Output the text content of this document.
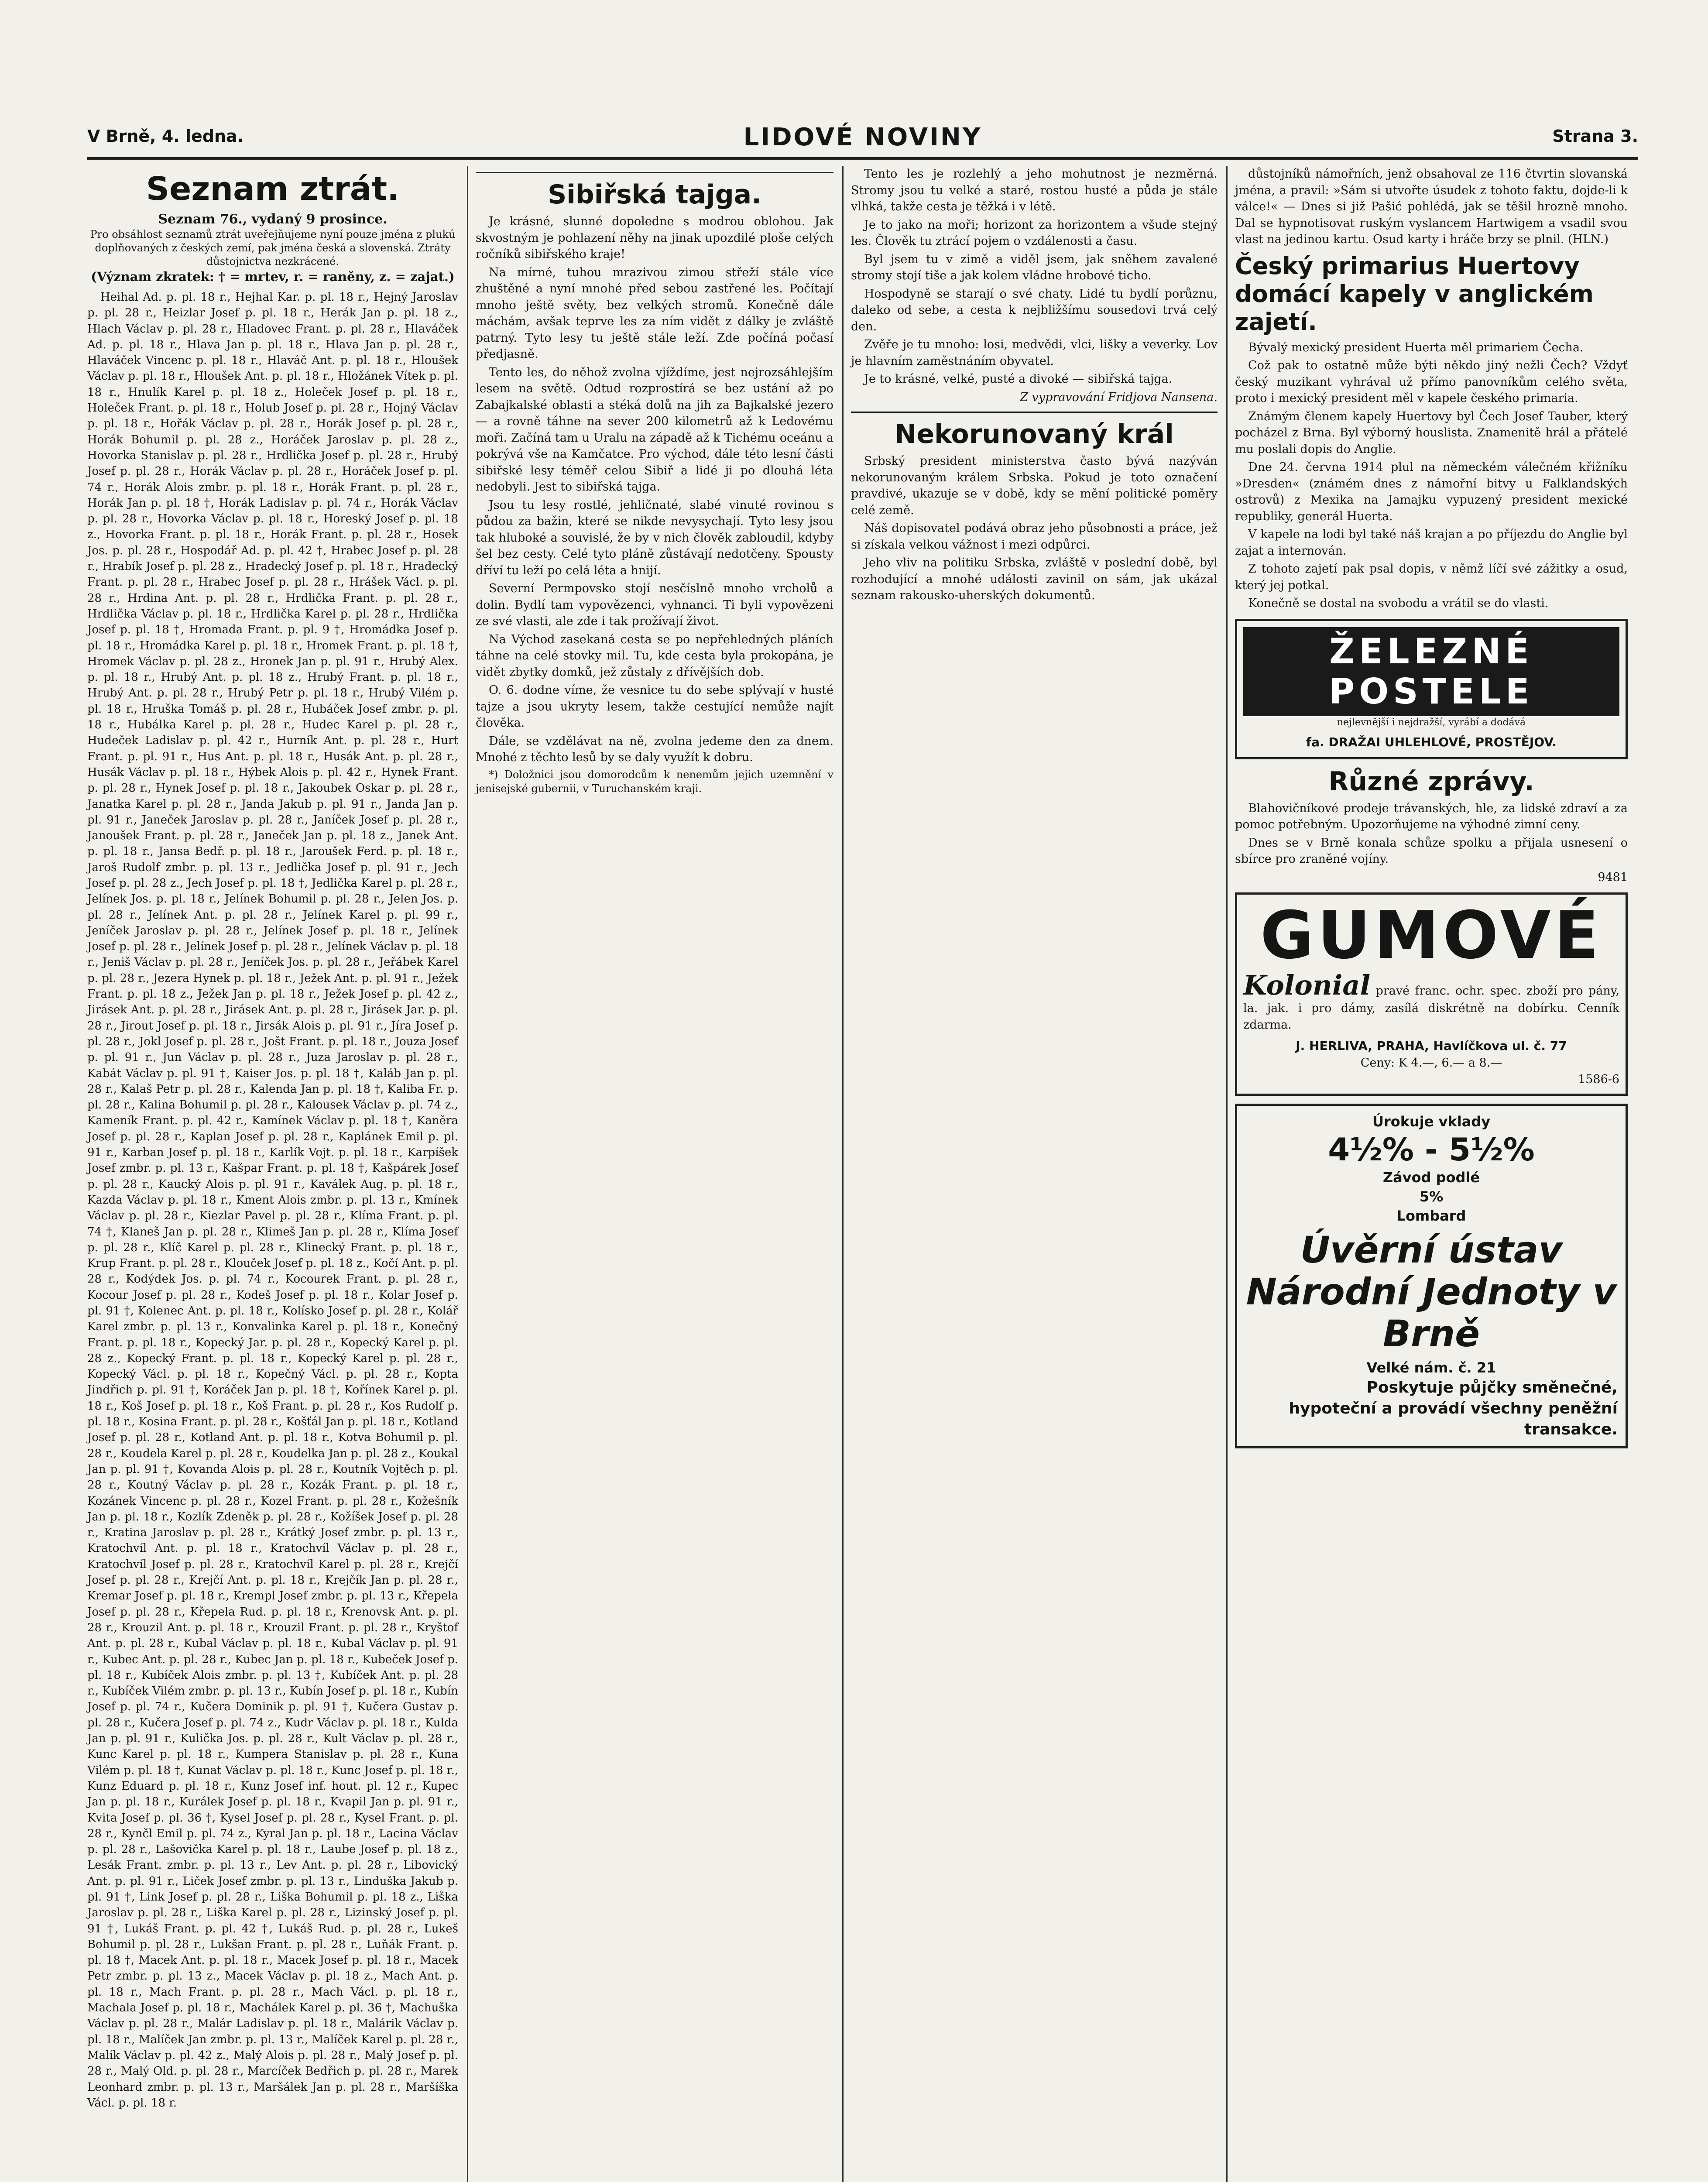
V Brně, 4. ledna.	LIDOVÉ NOVINY	Strana 3.
Seznam ztrát.
Seznam 76., vydaný 9 prosince.
Pro obsáhlost seznamů ztrát uveřejňujeme nyní pouze jména z plukú doplňovaných z českých zemí, pak jména česká a slovenská. Ztráty důstojnictva nezkrácené.
(Význam zkratek: † = mrtev, r. = raněny, z. = zajat.)

Heihal Ad. p. pl. 18 r., Hejhal Kar. p. pl. 18 r., Hejný Jaroslav p. pl. 28 r., Heizlar Josef p. pl. 18 r., Herák Jan p. pl. 18 z., Hlach Václav p. pl. 28 r., Hladovec Frant. p. pl. 28 r., Hlaváček Ad. p. pl. 18 r., Hlava Jan p. pl. 18 r., Hlava Jan p. pl. 28 r., Hlaváček Vincenc p. pl. 18 r., Hlaváč Ant. p. pl. 18 r., Hloušek Václav p. pl. 18 r., Hloušek Ant. p. pl. 18 r., Hložánek Vítek p. pl. 18 r., Hnulík Karel p. pl. 18 z., Holeček Josef p. pl. 18 r., Holeček Frant. p. pl. 18 r., Holub Josef p. pl. 28 r., Hojný Václav p. pl. 18 r., Hořák Václav p. pl. 28 r., Horák Josef p. pl. 28 r., Horák Bohumil p. pl. 28 z., Horáček Jaroslav p. pl. 28 z., Hovorka Stanislav p. pl. 28 r., Hrdlička Josef p. pl. 28 r., Hrubý Josef p. pl. 28 r., Horák Václav p. pl. 28 r., Horáček Josef p. pl. 74 r., Horák Alois zmbr. p. pl. 18 r., Horák Frant. p. pl. 28 r., Horák Jan p. pl. 18 †, Horák Ladislav p. pl. 74 r., Horák Václav p. pl. 28 r., Hovorka Václav p. pl. 18 r., Horeský Josef p. pl. 18 z., Hovorka Frant. p. pl. 18 r., Horák Frant. p. pl. 28 r., Hosek Jos. p. pl. 28 r., Hospodář Ad. p. pl. 42 †, Hrabec Josef p. pl. 28 r., Hrabík Josef p. pl. 28 z., Hradecký Josef p. pl. 18 r., Hradecký Frant. p. pl. 28 r., Hrabec Josef p. pl. 28 r., Hrášek Václ. p. pl. 28 r., Hrdina Ant. p. pl. 28 r., Hrdlička Frant. p. pl. 28 r., Hrdlička Václav p. pl. 18 r., Hrdlička Karel p. pl. 28 r., Hrdlička Josef p. pl. 18 †, Hromada Frant. p. pl. 9 †, Hromádka Josef p. pl. 18 r., Hromádka Karel p. pl. 18 r., Hromek Frant. p. pl. 18 †, Hromek Václav p. pl. 28 z., Hronek Jan p. pl. 91 r., Hrubý Alex. p. pl. 18 r., Hrubý Ant. p. pl. 18 z., Hrubý Frant. p. pl. 18 r., Hrubý Ant. p. pl. 28 r., Hrubý Petr p. pl. 18 r., Hrubý Vilém p. pl. 18 r., Hruška Tomáš p. pl. 28 r., Hubáček Josef zmbr. p. pl. 18 r., Hubálka Karel p. pl. 28 r., Hudec Karel p. pl. 28 r., Hudeček Ladislav p. pl. 42 r., Hurník Ant. p. pl. 28 r., Hurt Frant. p. pl. 91 r., Hus Ant. p. pl. 18 r., Husák Ant. p. pl. 28 r., Husák Václav p. pl. 18 r., Hýbek Alois p. pl. 42 r., Hynek Frant. p. pl. 28 r., Hynek Josef p. pl. 18 r., Jakoubek Oskar p. pl. 28 r., Janatka Karel p. pl. 28 r., Janda Jakub p. pl. 91 r., Janda Jan p. pl. 91 r., Janeček Jaroslav p. pl. 28 r., Janíček Josef p. pl. 28 r., Janoušek Frant. p. pl. 28 r., Janeček Jan p. pl. 18 z., Janek Ant. p. pl. 18 r., Jansa Bedř. p. pl. 18 r., Jaroušek Ferd. p. pl. 18 r., Jaroš Rudolf zmbr. p. pl. 13 r., Jedlička Josef p. pl. 91 r., Jech Josef p. pl. 28 z., Jech Josef p. pl. 18 †, Jedlička Karel p. pl. 28 r., Jelínek Jos. p. pl. 18 r., Jelínek Bohumil p. pl. 28 r., Jelen Jos. p. pl. 28 r., Jelínek Ant. p. pl. 28 r., Jelínek Karel p. pl. 99 r., Jeníček Jaroslav p. pl. 28 r., Jelínek Josef p. pl. 18 r., Jelínek Josef p. pl. 28 r., Jelínek Josef p. pl. 28 r., Jelínek Václav p. pl. 18 r., Jeniš Václav p. pl. 28 r., Jeníček Jos. p. pl. 28 r., Jeřábek Karel p. pl. 28 r., Jezera Hynek p. pl. 18 r., Ježek Ant. p. pl. 91 r., Ježek Frant. p. pl. 18 z., Ježek Jan p. pl. 18 r., Ježek Josef p. pl. 42 z., Jirásek Ant. p. pl. 28 r., Jirásek Ant. p. pl. 28 r., Jirásek Jar. p. pl. 28 r., Jirout Josef p. pl. 18 r., Jirsák Alois p. pl. 91 r., Jíra Josef p. pl. 28 r., Jokl Josef p. pl. 28 r., Jošt Frant. p. pl. 18 r., Jouza Josef p. pl. 91 r., Jun Václav p. pl. 28 r., Juza Jaroslav p. pl. 28 r., Kabát Václav p. pl. 91 †, Kaiser Jos. p. pl. 18 †, Kaláb Jan p. pl. 28 r., Kalaš Petr p. pl. 28 r., Kalenda Jan p. pl. 18 †, Kaliba Fr. p. pl. 28 r., Kalina Bohumil p. pl. 28 r., Kalousek Václav p. pl. 74 z., Kameník Frant. p. pl. 42 r., Kamínek Václav p. pl. 18 †, Kaněra Josef p. pl. 28 r., Kaplan Josef p. pl. 28 r., Kaplánek Emil p. pl. 91 r., Karban Josef p. pl. 18 r., Karlík Vojt. p. pl. 18 r., Karpíšek Josef zmbr. p. pl. 13 r., Kašpar Frant. p. pl. 18 †, Kašpárek Josef p. pl. 28 r., Kaucký Alois p. pl. 91 r., Kaválek Aug. p. pl. 18 r., Kazda Václav p. pl. 18 r., Kment Alois zmbr. p. pl. 13 r., Kmínek Václav p. pl. 28 r., Kiezlar Pavel p. pl. 28 r., Klíma Frant. p. pl. 74 †, Klaneš Jan p. pl. 28 r., Klimeš Jan p. pl. 28 r., Klíma Josef p. pl. 28 r., Klíč Karel p. pl. 28 r., Klinecký Frant. p. pl. 18 r., Krup Frant. p. pl. 28 r., Klouček Josef p. pl. 18 z., Kočí Ant. p. pl. 28 r., Kodýdek Jos. p. pl. 74 r., Kocourek Frant. p. pl. 28 r., Kocour Josef p. pl. 28 r., Kodeš Josef p. pl. 18 r., Kolar Josef p. pl. 91 †, Kolenec Ant. p. pl. 18 r., Kolísko Josef p. pl. 28 r., Kolář Karel zmbr. p. pl. 13 r., Konvalinka Karel p. pl. 18 r., Konečný Frant. p. pl. 18 r., Kopecký Jar. p. pl. 28 r., Kopecký Karel p. pl. 28 z., Kopecký Frant. p. pl. 18 r., Kopecký Karel p. pl. 28 r., Kopecký Václ. p. pl. 18 r., Kopečný Václ. p. pl. 28 r., Kopta Jindřich p. pl. 91 †, Koráček Jan p. pl. 18 †, Kořínek Karel p. pl. 18 r., Koš Josef p. pl. 18 r., Koš Frant. p. pl. 28 r., Kos Rudolf p. pl. 18 r., Kosina Frant. p. pl. 28 r., Košťál Jan p. pl. 18 r., Kotland Josef p. pl. 28 r., Kotland Ant. p. pl. 18 r., Kotva Bohumil p. pl. 28 r., Koudela Karel p. pl. 28 r., Koudelka Jan p. pl. 28 z., Koukal Jan p. pl. 91 †, Kovanda Alois p. pl. 28 r., Koutník Vojtěch p. pl. 28 r., Koutný Václav p. pl. 28 r., Kozák Frant. p. pl. 18 r., Kozánek Vincenc p. pl. 28 r., Kozel Frant. p. pl. 28 r., Kožešník Jan p. pl. 18 r., Kozlík Zdeněk p. pl. 28 r., Kožíšek Josef p. pl. 28 r., Kratina Jaroslav p. pl. 28 r., Krátký Josef zmbr. p. pl. 13 r., Kratochvíl Ant. p. pl. 18 r., Kratochvíl Václav p. pl. 28 r., Kratochvíl Josef p. pl. 28 r., Kratochvíl Karel p. pl. 28 r., Krejčí Josef p. pl. 28 r., Krejčí Ant. p. pl. 18 r., Krejčík Jan p. pl. 28 r., Kremar Josef p. pl. 18 r., Krempl Josef zmbr. p. pl. 13 r., Křepela Josef p. pl. 28 r., Křepela Rud. p. pl. 18 r., Krenovsk Ant. p. pl. 28 r., Krouzil Ant. p. pl. 18 r., Krouzil Frant. p. pl. 28 r., Kryštof Ant. p. pl. 28 r., Kubal Václav p. pl. 18 r., Kubal Václav p. pl. 91 r., Kubec Ant. p. pl. 28 r., Kubec Jan p. pl. 18 r., Kubeček Josef p. pl. 18 r., Kubíček Alois zmbr. p. pl. 13 †, Kubíček Ant. p. pl. 28 r., Kubíček Vilém zmbr. p. pl. 13 r., Kubín Josef p. pl. 18 r., Kubín Josef p. pl. 74 r., Kučera Dominik p. pl. 91 †, Kučera Gustav p. pl. 28 r., Kučera Josef p. pl. 74 z., Kudr Václav p. pl. 18 r., Kulda Jan p. pl. 91 r., Kulička Jos. p. pl. 28 r., Kult Václav p. pl. 28 r., Kunc Karel p. pl. 18 r., Kumpera Stanislav p. pl. 28 r., Kuna Vilém p. pl. 18 †, Kunat Václav p. pl. 18 r., Kunc Josef p. pl. 18 r., Kunz Eduard p. pl. 18 r., Kunz Josef inf. hout. pl. 12 r., Kupec Jan p. pl. 18 r., Kurálek Josef p. pl. 18 r., Kvapil Jan p. pl. 91 r., Kvita Josef p. pl. 36 †, Kysel Josef p. pl. 28 r., Kysel Frant. p. pl. 28 r., Kynčl Emil p. pl. 74 z., Kyral Jan p. pl. 18 r., Lacina Václav p. pl. 28 r., Lašovička Karel p. pl. 18 r., Laube Josef p. pl. 18 z., Lesák Frant. zmbr. p. pl. 13 r., Lev Ant. p. pl. 28 r., Libovický Ant. p. pl. 91 r., Liček Josef zmbr. p. pl. 13 r., Linduška Jakub p. pl. 91 †, Link Josef p. pl. 28 r., Liška Bohumil p. pl. 18 z., Liška Jaroslav p. pl. 28 r., Liška Karel p. pl. 28 r., Lizinský Josef p. pl. 91 †, Lukáš Frant. p. pl. 42 †, Lukáš Rud. p. pl. 28 r., Lukeš Bohumil p. pl. 28 r., Lukšan Frant. p. pl. 28 r., Luňák Frant. p. pl. 18 †, Macek Ant. p. pl. 18 r., Macek Josef p. pl. 18 r., Macek Petr zmbr. p. pl. 13 z., Macek Václav p. pl. 18 z., Mach Ant. p. pl. 18 r., Mach Frant. p. pl. 28 r., Mach Václ. p. pl. 18 r., Machala Josef p. pl. 18 r., Machálek Karel p. pl. 36 †, Machuška Václav p. pl. 28 r., Malár Ladislav p. pl. 18 r., Malárik Václav p. pl. 18 r., Malíček Jan zmbr. p. pl. 13 r., Malíček Karel p. pl. 28 r., Malík Václav p. pl. 42 z., Malý Alois p. pl. 28 r., Malý Josef p. pl. 28 r., Malý Old. p. pl. 28 r., Marcíček Bedřich p. pl. 28 r., Marek Leonhard zmbr. p. pl. 13 r., Maršálek Jan p. pl. 28 r., Maršíška Václ. p. pl. 18 r.

Sibiřská tajga.

Je krásné, slunné dopoledne s modrou oblohou. Jak skvostným je pohlazení něhy na jinak upozdilé ploše celých ročníků sibiřského kraje!

Na mírné, tuhou mrazivou zimou střeží stále více zhuštěné a nyní mnohé před sebou zastřené les. Počítají mnoho ještě světy, bez velkých stromů. Konečně dále máchám, avšak teprve les za ním vidět z dálky je zvláště patrný. Tyto lesy tu ještě stále leží. Zde počíná počasí předjasně.

Tento les, do něhož zvolna vjíždíme, jest nejrozsáhlejším lesem na světě. Odtud rozprostírá se bez ustání až po Zabajkalské oblasti a stéká dolů na jih za Bajkalské jezero — a rovně táhne na sever 200 kilometrů až k Ledovému moři. Začíná tam u Uralu na západě až k Tichému oceánu a pokrývá vše na Kamčatce. Pro východ, dále této lesní části sibiřské lesy téměř celou Sibiř a lidé ji po dlouhá léta nedobyli. Jest to sibiřská tajga.

Jsou tu lesy rostlé, jehličnaté, slabé vinuté rovinou s půdou za bažin, které se nikde nevysychají. Tyto lesy jsou tak hluboké a souvislé, že by v nich člověk zabloudil, kdyby šel bez cesty. Celé tyto pláně zůstávají nedotčeny. Spousty dříví tu leží po celá léta a hnijí.

Severní Permpovsko stojí nesčíslně mnoho vrcholů a dolin. Bydlí tam vypovězenci, vyhnanci. Ti byli vypovězeni ze své vlasti, ale zde i tak prožívají život.

Na Východ zasekaná cesta se po nepřehledných pláních táhne na celé stovky mil. Tu, kde cesta byla prokopána, je vidět zbytky domků, jež zůstaly z dřívějších dob.

O. 6. dodne víme, že vesnice tu do sebe splývají v husté tajze a jsou ukryty lesem, takže cestující nemůže najít člověka.

Dále, se vzdělávat na ně, zvolna jedeme den za dnem. Mnohé z těchto lesů by se daly využít k dobru.

*) Doložnici jsou domorodcům k nenemům jejich uzemnění v jenisejské gubernii, v Turuchanském kraji.

Tento les je rozlehlý a jeho mohutnost je nezměrná. Stromy jsou tu velké a staré, rostou husté a půda je stále vlhká, takže cesta je těžká i v létě.

Je to jako na moři; horizont za horizontem a všude stejný les. Člověk tu ztrácí pojem o vzdálenosti a času.

Byl jsem tu v zimě a viděl jsem, jak sněhem zavalené stromy stojí tiše a jak kolem vládne hrobové ticho.

Hospodyně se starají o své chaty. Lidé tu bydlí porůznu, daleko od sebe, a cesta k nejbližšímu sousedovi trvá celý den.

Zvěře je tu mnoho: losi, medvědi, vlci, lišky a veverky. Lov je hlavním zaměstnáním obyvatel.

Je to krásné, velké, pusté a divoké — sibiřská tajga.

Z vypravování Fridjova Nansena.
Nekorunovaný král

Srbský president ministerstva často bývá nazýván nekorunovaným králem Srbska. Pokud je toto označení pravdivé, ukazuje se v době, kdy se mění politické poměry celé země.

Náš dopisovatel podává obraz jeho působnosti a práce, jež si získala velkou vážnost i mezi odpůrci.

Jeho vliv na politiku Srbska, zvláště v poslední době, byl rozhodující a mnohé události zavinil on sám, jak ukázal seznam rakousko-uherských dokumentů.

důstojníků námořních, jenž obsahoval ze 116 čtvrtin slovanská jména, a pravil: »Sám si utvořte úsudek z tohoto faktu, dojde-li k válce!« — Dnes si již Pašić pohlédá, jak se těšil hrozně mnoho. Dal se hypnotisovat ruským vyslancem Hartwigem a vsadil svou vlast na jedinou kartu. Osud karty i hráče brzy se plnil. (HLN.)

Český primarius Huertovy domácí kapely v anglickém zajetí.

Bývalý mexický president Huerta měl primariem Čecha.

Což pak to ostatně může býti někdo jiný nežli Čech? Vždyť český muzikant vyhrával už přímo panovníkům celého světa, proto i mexický president měl v kapele českého primaria.

Známým členem kapely Huertovy byl Čech Josef Tauber, který pocházel z Brna. Byl výborný houslista. Znamenitě hrál a přátelé mu poslali dopis do Anglie.

Dne 24. června 1914 plul na německém válečném křižníku »Dresden« (známém dnes z námořní bitvy u Falklandských ostrovů) z Mexika na Jamajku vypuzený president mexické republiky, generál Huerta.

V kapele na lodi byl také náš krajan a po příjezdu do Anglie byl zajat a internován.

Z tohoto zajetí pak psal dopis, v němž líčí své zážitky a osud, který jej potkal.

Konečně se dostal na svobodu a vrátil se do vlasti.

ŽELEZNÉ POSTELE
nejlevnější i nejdražší, vyrábí a dodává
fa. DRAŽAI UHLEHLOVÉ, PROSTĚJOV.
Různé zprávy.

Blahovičníkové prodeje trávanských, hle, za lidské zdraví a za pomoc potřebným. Upozorňujeme na výhodné zimní ceny.

Dnes se v Brně konala schůze spolku a přijala usnesení o sbírce pro zraněné vojíny.

9481
GUMOVÉ
Kolonial pravé franc. ochr. spec. zboží pro pány, la. jak. i pro dámy, zasílá diskrétně na dobírku. Cenník zdarma.
J. HERLIVA, PRAHA, Havlíčkova ul. č. 77
Ceny: K 4.—, 6.— a 8.—
1586-6
Úrokuje vklady
4½% - 5½%
Závod podlé
5%
Lombard
Úvěrní ústav Národní Jednoty v Brně
Velké nám. č. 21
Poskytuje půjčky směnečné,
hypoteční a provádí všechny peněžní transakce.
